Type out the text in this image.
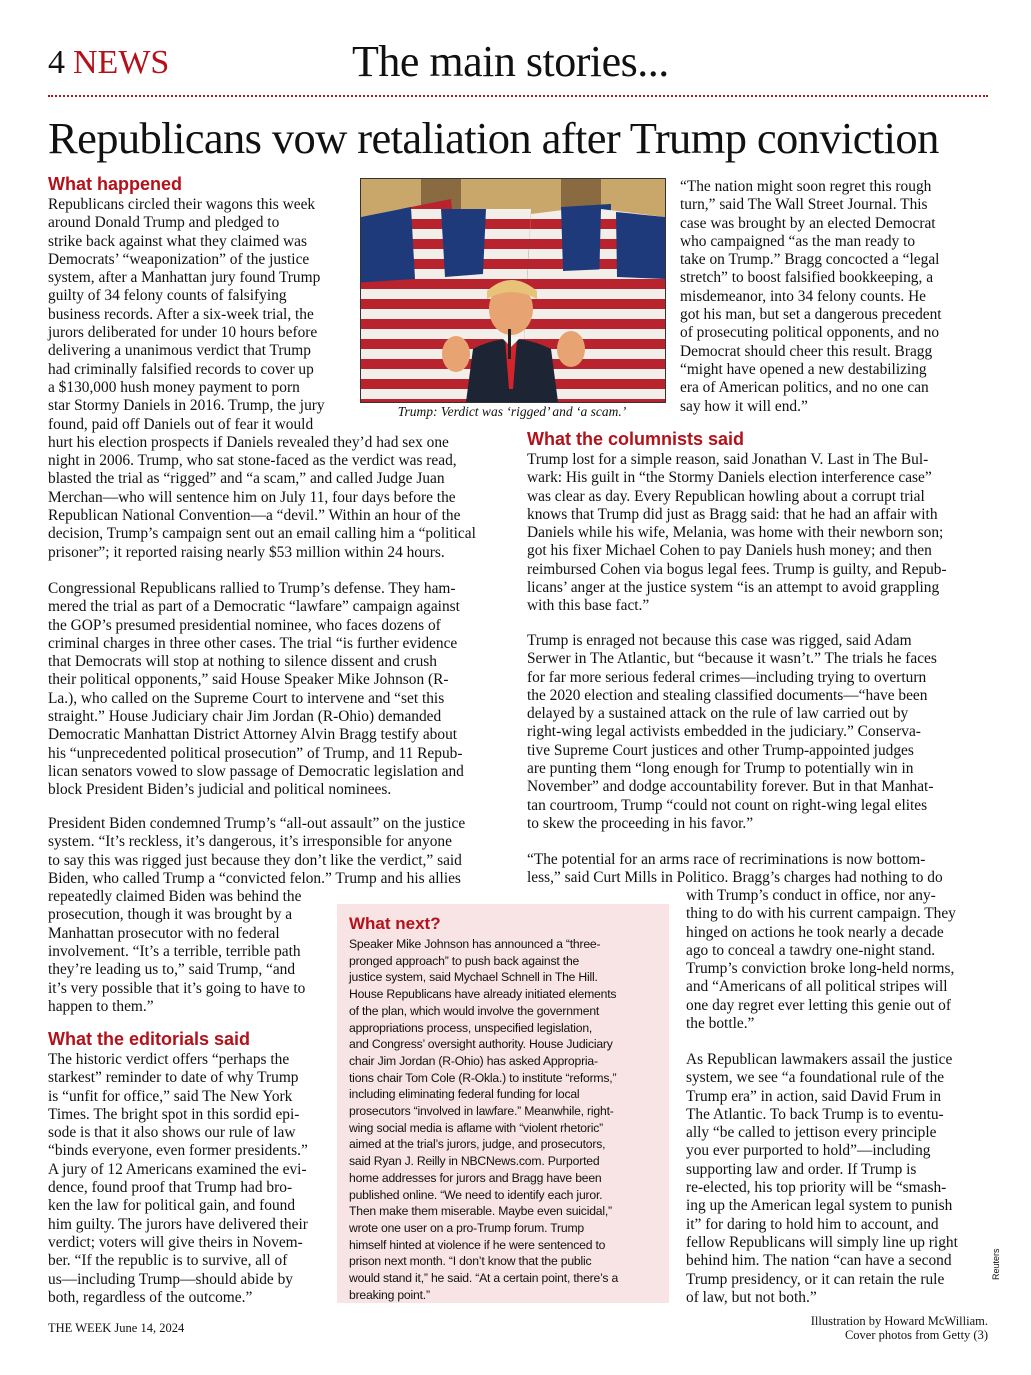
4 NEWS	The main stories...
Republicans vow retaliation after Trump conviction
What happened
Republicans circled their wagons this week
around Donald Trump and pledged to
strike back against what they claimed was
Democrats’ “weaponization” of the justice
system, after a Manhattan jury found Trump
guilty of 34 felony counts of falsifying
business records. After a six-week trial, the
jurors deliberated for under 10 hours before
delivering a unanimous verdict that Trump
had criminally falsified records to cover up
a $130,000 hush money payment to porn
star Stormy Daniels in 2016. Trump, the jury
found, paid off Daniels out of fear it would
hurt his election prospects if Daniels revealed they’d had sex one
night in 2006. Trump, who sat stone-faced as the verdict was read,
blasted the trial as “rigged” and “a scam,” and called Judge Juan
Merchan—who will sentence him on July 11, four days before the
Republican National Convention—a “devil.” Within an hour of the
decision, Trump’s campaign sent out an email calling him a “political
prisoner”; it reported raising nearly $53 million within 24 hours.
Congressional Republicans rallied to Trump’s defense. They ham-
mered the trial as part of a Democratic “lawfare” campaign against
the GOP’s presumed presidential nominee, who faces dozens of
criminal charges in three other cases. The trial “is further evidence
that Democrats will stop at nothing to silence dissent and crush
their political opponents,” said House Speaker Mike Johnson (R-
La.), who called on the Supreme Court to intervene and “set this
straight.” House Judiciary chair Jim Jordan (R-Ohio) demanded
Democratic Manhattan District Attorney Alvin Bragg testify about
his “unprecedented political prosecution” of Trump, and 11 Repub-
lican senators vowed to slow passage of Democratic legislation and
block President Biden’s judicial and political nominees.
President Biden condemned Trump’s “all-out assault” on the justice
system. “It’s reckless, it’s dangerous, it’s irresponsible for anyone
to say this was rigged just because they don’t like the verdict,” said
Biden, who called Trump a “convicted felon.” Trump and his allies
repeatedly claimed Biden was behind the
prosecution, though it was brought by a
Manhattan prosecutor with no federal
involvement. “It’s a terrible, terrible path
they’re leading us to,” said Trump, “and
it’s very possible that it’s going to have to
happen to them.”
What the editorials said
The historic verdict offers “perhaps the
starkest” reminder to date of why Trump
is “unfit for office,” said The New York
Times. The bright spot in this sordid epi-
sode is that it also shows our rule of law
“binds everyone, even former presidents.”
A jury of 12 Americans examined the evi-
dence, found proof that Trump had bro-
ken the law for political gain, and found
him guilty. The jurors have delivered their
verdict; voters will give theirs in Novem-
ber. “If the republic is to survive, all of
us—including Trump—should abide by
both, regardless of the outcome.”
Trump: Verdict was ‘rigged’ and ‘a scam.’
“The nation might soon regret this rough
turn,” said The Wall Street Journal. This
case was brought by an elected Democrat
who campaigned “as the man ready to
take on Trump.” Bragg concocted a “legal
stretch” to boost falsified bookkeeping, a
misdemeanor, into 34 felony counts. He
got his man, but set a dangerous precedent
of prosecuting political opponents, and no
Democrat should cheer this result. Bragg
“might have opened a new destabilizing
era of American politics, and no one can
say how it will end.”
What the columnists said
Trump lost for a simple reason, said Jonathan V. Last in The Bul-
wark: His guilt in “the Stormy Daniels election interference case”
was clear as day. Every Republican howling about a corrupt trial
knows that Trump did just as Bragg said: that he had an affair with
Daniels while his wife, Melania, was home with their newborn son;
got his fixer Michael Cohen to pay Daniels hush money; and then
reimbursed Cohen via bogus legal fees. Trump is guilty, and Repub-
licans’ anger at the justice system “is an attempt to avoid grappling
with this base fact.”
Trump is enraged not because this case was rigged, said Adam
Serwer in The Atlantic, but “because it wasn’t.” The trials he faces
for far more serious federal crimes—including trying to overturn
the 2020 election and stealing classified documents—“have been
delayed by a sustained attack on the rule of law carried out by
right-wing legal activists embedded in the judiciary.” Conserva-
tive Supreme Court justices and other Trump-appointed judges
are punting them “long enough for Trump to potentially win in
November” and dodge accountability forever. But in that Manhat-
tan courtroom, Trump “could not count on right-wing legal elites
to skew the proceeding in his favor.”
“The potential for an arms race of recriminations is now bottom-
less,” said Curt Mills in Politico. Bragg’s charges had nothing to do
with Trump’s conduct in office, nor any-
thing to do with his current campaign. They
hinged on actions he took nearly a decade
ago to conceal a tawdry one-night stand.
Trump’s conviction broke long-held norms,
and “Americans of all political stripes will
one day regret ever letting this genie out of
the bottle.”
As Republican lawmakers assail the justice
system, we see “a foundational rule of the
Trump era” in action, said David Frum in
The Atlantic. To back Trump is to eventu-
ally “be called to jettison every principle
you ever purported to hold”—including
supporting law and order. If Trump is
re-elected, his top priority will be “smash-
ing up the American legal system to punish
it” for daring to hold him to account, and
fellow Republicans will simply line up right
behind him. The nation “can have a second
Trump presidency, or it can retain the rule
of law, but not both.”
What next?
Speaker Mike Johnson has announced a “three-
pronged approach” to push back against the
justice system, said Mychael Schnell in The Hill.
House Republicans have already initiated elements
of the plan, which would involve the government
appropriations process, unspecified legislation,
and Congress’ oversight authority. House Judiciary
chair Jim Jordan (R-Ohio) has asked Appropria-
tions chair Tom Cole (R-Okla.) to institute “reforms,”
including eliminating federal funding for local
prosecutors “involved in lawfare.” Meanwhile, right-
wing social media is aflame with “violent rhetoric”
aimed at the trial’s jurors, judge, and prosecutors,
said Ryan J. Reilly in NBCNews.com. Purported
home addresses for jurors and Bragg have been
published online. “We need to identify each juror.
Then make them miserable. Maybe even suicidal,”
wrote one user on a pro-Trump forum. Trump
himself hinted at violence if he were sentenced to
prison next month. “I don’t know that the public
would stand it,” he said. “At a certain point, there’s a
breaking point.”
THE WEEK June 14, 2024	Illustration by Howard McWilliam.
Cover photos from Getty (3)
Reuters
